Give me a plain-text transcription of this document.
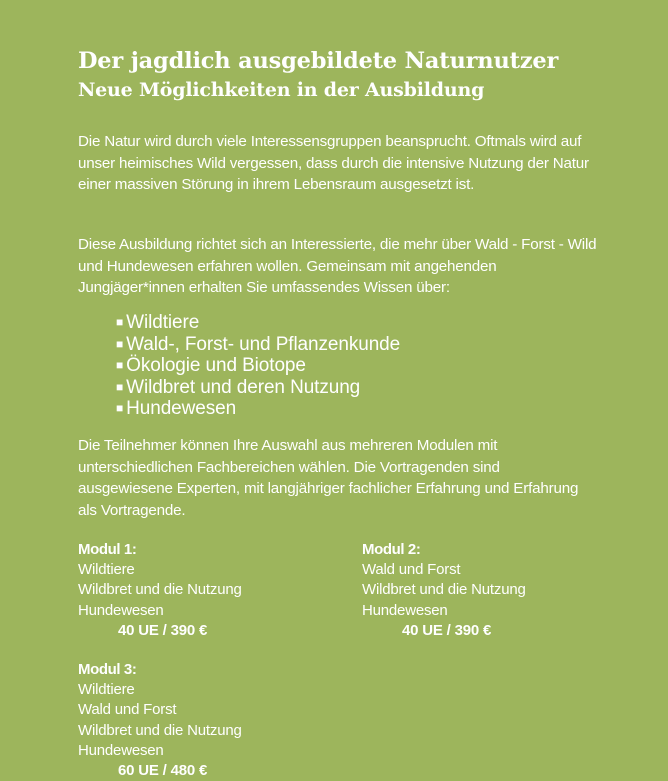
Der jagdlich ausgebildete Naturnutzer
Neue Möglichkeiten in der Ausbildung

Die Natur wird durch viele Interessensgruppen beansprucht. Oftmals wird auf unser heimisches Wild vergessen, dass durch die intensive Nutzung der Natur einer massiven Störung in ihrem Lebensraum ausgesetzt ist.

Diese Ausbildung richtet sich an Interessierte, die mehr über Wald - Forst - Wild und Hundewesen erfahren wollen. Gemeinsam mit angehenden Jungjäger*innen erhalten Sie umfassendes Wissen über:

■ Wildtiere
■ Wald-, Forst- und Pflanzenkunde
■ Ökologie und Biotope
■ Wildbret und deren Nutzung
■ Hundewesen

Die Teilnehmer können Ihre Auswahl aus mehreren Modulen mit unterschiedlichen Fachbereichen wählen. Die Vortragenden sind ausgewiesene Experten, mit langjähriger fachlicher Erfahrung und Erfahrung als Vortragende.

Modul 1:
Wildtiere
Wildbret und die Nutzung
Hundewesen
40 UE / 390 €
Modul 2:
Wald und Forst
Wildbret und die Nutzung
Hundewesen
40 UE / 390 €
Modul 3:
Wildtiere
Wald und Forst
Wildbret und die Nutzung
Hundewesen
60 UE / 480 €
